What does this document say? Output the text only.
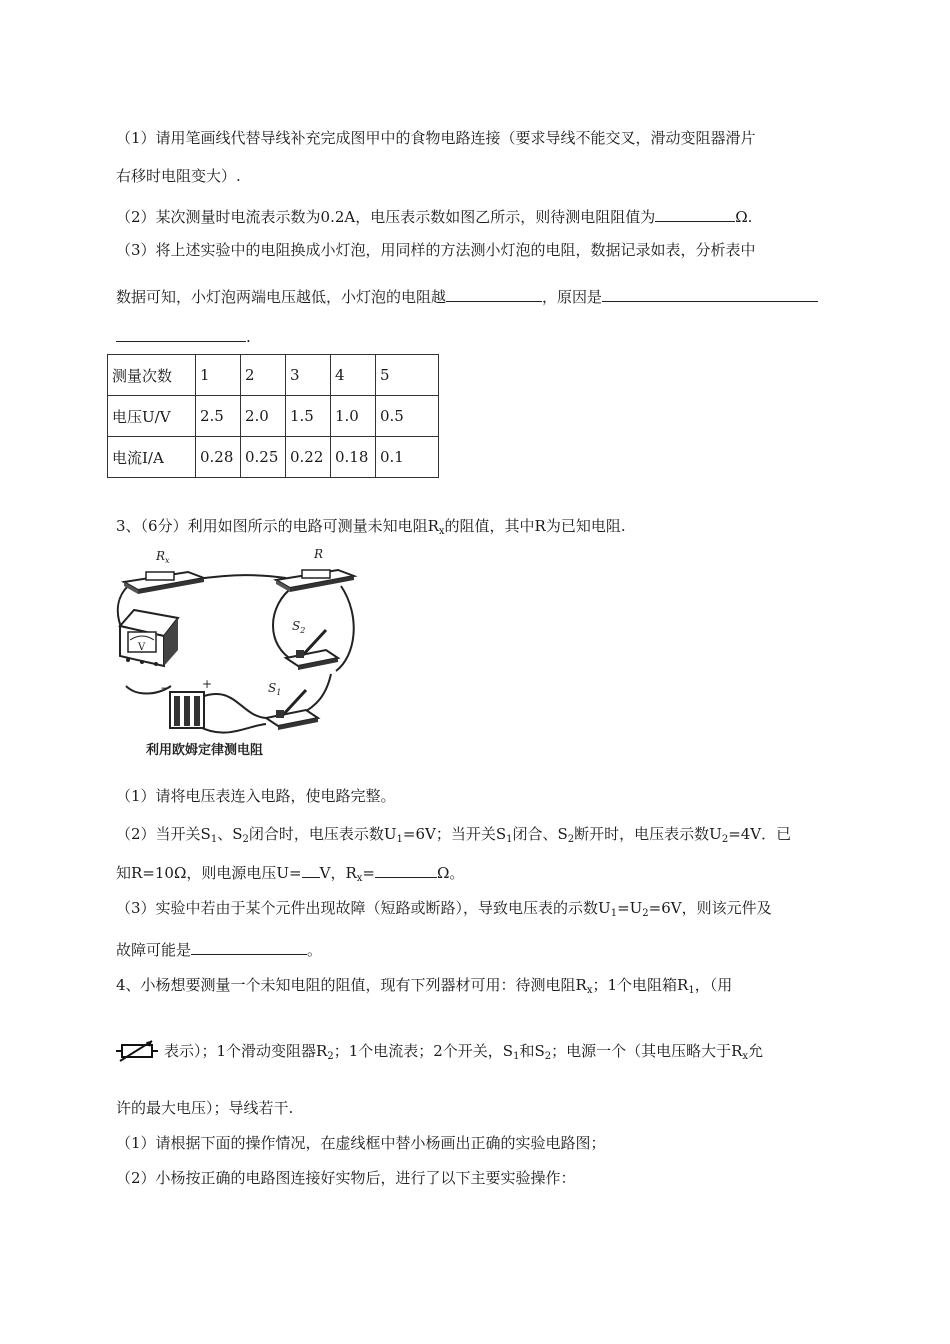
（1）请用笔画线代替导线补充完成图甲中的食物电路连接（要求导线不能交叉，滑动变阻器滑片
右移时电阻变大）.
（2）某次测量时电流表示数为0.2A，电压表示数如图乙所示，则待测电阻阻值为	Ω.
（3）将上述实验中的电阻换成小灯泡，用同样的方法测小灯泡的电阻，数据记录如表，分析表中
数据可知，小灯泡两端电压越低，小灯泡的电阻越	，原因是
.
测量次数	1	2	3	4	5
电压U/V	2.5	2.0	1.5	1.0	0.5
电流I/A	0.28	0.25	0.22	0.18	0.1
3、（6分）利用如图所示的电路可测量未知电阻$R_x$的阻值，其中R为已知电阻.
$R_x$	R
$S_2$
V
−	+	$S_1$
利用欧姆定律测电阻
（1）请将电压表连入电路，使电路完整。
（2）当开关$S_1$、$S_2$闭合时，电压表示数$U_1=6V$；当开关$S_1$闭合、$S_2$断开时，电压表示数$U_2=4V$．已
知R=10Ω，则电源电压U= V，$R_x=$	Ω。
（3）实验中若由于某个元件出现故障（短路或断路），导致电压表的示数$U_1=U_2=6V$，则该元件及
故障可能是	。
4、小杨想要测量一个未知电阻的阻值，现有下列器材可用：待测电阻$R_x$；1个电阻箱$R_1$，（用
表示）；1个滑动变阻器$R_2$；1个电流表；2个开关，$S_1$和$S_2$；电源一个（其电压略大于$R_x$允
许的最大电压）；导线若干.
（1）请根据下面的操作情况，在虚线框中替小杨画出正确的实验电路图；
（2）小杨按正确的电路图连接好实物后，进行了以下主要实验操作：
